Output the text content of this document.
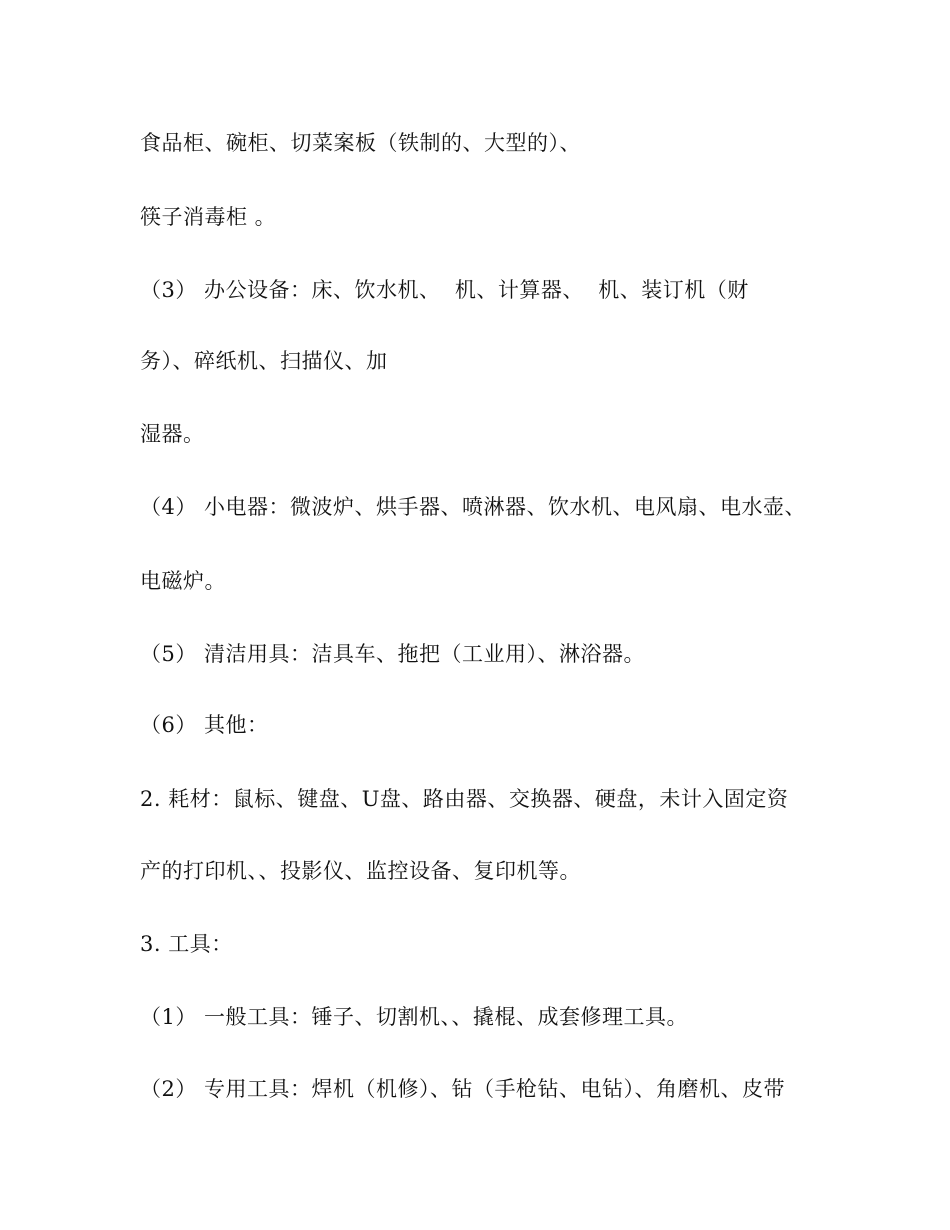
食品柜、碗柜、切菜案板（铁制的、大型的）、
筷子消毒柜 。
（3） 办公设备：床、饮水机、  机、计算器、  机、装订机（财
务）、碎纸机、扫描仪、加
湿器。
（4） 小电器：微波炉、烘手器、喷淋器、饮水机、电风扇、电水壶、
电磁炉。
（5） 清洁用具：洁具车、拖把（工业用）、淋浴器。
（6） 其他：
2. 耗材：鼠标、键盘、U盘、路由器、交换器、硬盘，未计入固定资
产的打印机、、投影仪、监控设备、复印机等。
3. 工具：
（1） 一般工具：锤子、切割机、、撬棍、成套修理工具。
（2） 专用工具：焊机（机修）、钻（手枪钻、电钻）、角磨机、皮带
